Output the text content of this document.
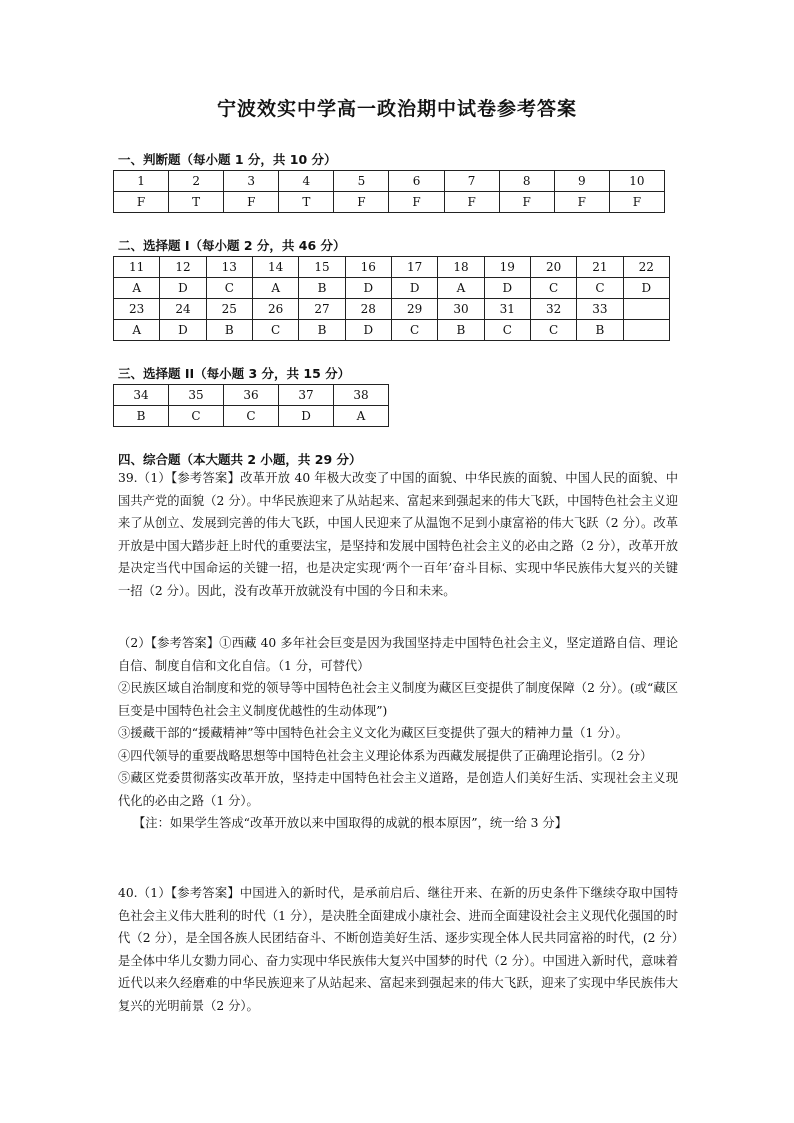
宁波效实中学高一政治期中试卷参考答案
一、判断题（每小题 1 分，共 10 分）
1	2	3	4	5	6	7	8	9	10
F	T	F	T	F	F	F	F	F	F
二、选择题 I（每小题 2 分，共 46 分）
11	12	13	14	15	16	17	18	19	20	21	22
A	D	C	A	B	D	D	A	D	C	C	D
23	24	25	26	27	28	29	30	31	32	33	
A	D	B	C	B	D	C	B	C	C	B	
三、选择题 II（每小题 3 分，共 15 分）
34	35	36	37	38
B	C	C	D	A
四、综合题（本大题共 2 小题，共 29 分）

39.（1）【参考答案】改革开放 40 年极大改变了中国的面貌、中华民族的面貌、中国人民的面貌、中国共产党的面貌（2 分）。中华民族迎来了从站起来、富起来到强起来的伟大飞跃，中国特色社会主义迎来了从创立、发展到完善的伟大飞跃，中国人民迎来了从温饱不足到小康富裕的伟大飞跃（2 分）。改革开放是中国大踏步赶上时代的重要法宝，是坚持和发展中国特色社会主义的必由之路（2 分），改革开放是决定当代中国命运的关键一招，也是决定实现‘两个一百年’奋斗目标、实现中华民族伟大复兴的关键一招（2 分）。因此，没有改革开放就没有中国的今日和未来。

（2）【参考答案】①西藏 40 多年社会巨变是因为我国坚持走中国特色社会主义，坚定道路自信、理论自信、制度自信和文化自信。（1 分，可替代）

②民族区域自治制度和党的领导等中国特色社会主义制度为藏区巨变提供了制度保障（2 分）。(或“藏区巨变是中国特色社会主义制度优越性的生动体现”)

③援藏干部的“援藏精神”等中国特色社会主义文化为藏区巨变提供了强大的精神力量（1 分）。

④四代领导的重要战略思想等中国特色社会主义理论体系为西藏发展提供了正确理论指引。（2 分）

⑤藏区党委贯彻落实改革开放，坚持走中国特色社会主义道路，是创造人们美好生活、实现社会主义现代化的必由之路（1 分）。

【注：如果学生答成“改革开放以来中国取得的成就的根本原因”，统一给 3 分】

40.（1）【参考答案】中国进入的新时代，是承前启后、继往开来、在新的历史条件下继续夺取中国特色社会主义伟大胜利的时代（1 分），是决胜全面建成小康社会、进而全面建设社会主义现代化强国的时代（2 分），是全国各族人民团结奋斗、不断创造美好生活、逐步实现全体人民共同富裕的时代，(2 分）是全体中华儿女勠力同心、奋力实现中华民族伟大复兴中国梦的时代（2 分）。中国进入新时代，意味着近代以来久经磨难的中华民族迎来了从站起来、富起来到强起来的伟大飞跃，迎来了实现中华民族伟大复兴的光明前景（2 分）。
